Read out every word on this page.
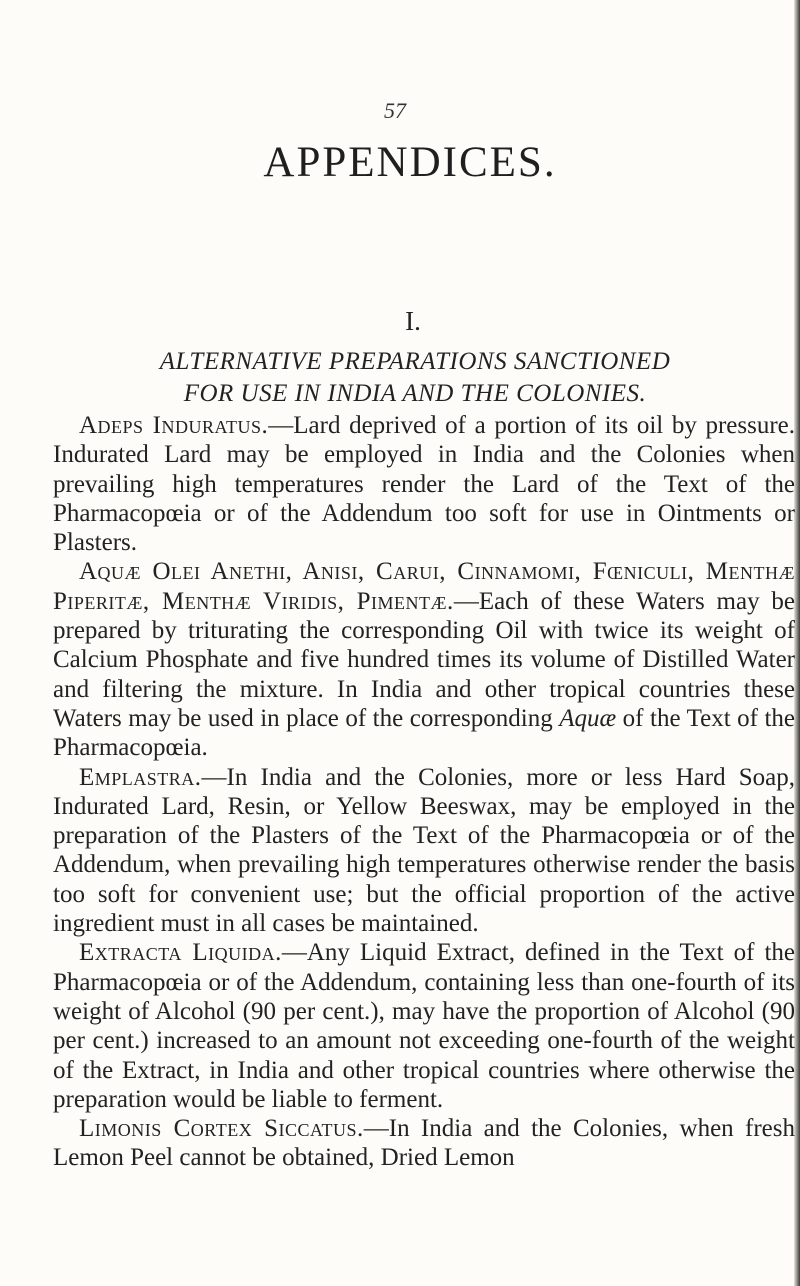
57
APPENDICES.
I.
ALTERNATIVE PREPARATIONS SANCTIONED
FOR USE IN INDIA AND THE COLONIES.

Adeps Induratus.—Lard deprived of a portion of its oil by pressure. Indurated Lard may be employed in India and the Colonies when prevailing high temperatures render the Lard of the Text of the Pharmacopœia or of the Addendum too soft for use in Ointments or Plasters.

Aquæ Olei Anethi, Anisi, Carui, Cinnamomi, Fœniculi, Menthæ Piperitæ, Menthæ Viridis, Pimentæ.—Each of these Waters may be prepared by triturating the corresponding Oil with twice its weight of Calcium Phosphate and five hundred times its volume of Distilled Water and filtering the mixture. In India and other tropical countries these Waters may be used in place of the corresponding Aquæ of the Text of the Pharmacopœia.

Emplastra.—In India and the Colonies, more or less Hard Soap, Indurated Lard, Resin, or Yellow Beeswax, may be employed in the preparation of the Plasters of the Text of the Pharmacopœia or of the Addendum, when prevailing high temperatures otherwise render the basis too soft for convenient use; but the official proportion of the active ingredient must in all cases be maintained.

Extracta Liquida.—Any Liquid Extract, defined in the Text of the Pharmacopœia or of the Addendum, containing less than one-fourth of its weight of Alcohol (90 per cent.), may have the proportion of Alcohol (90 per cent.) increased to an amount not exceeding one-fourth of the weight of the Extract, in India and other tropical countries where otherwise the preparation would be liable to ferment.

Limonis Cortex Siccatus.—In India and the Colonies, when fresh Lemon Peel cannot be obtained, Dried Lemon
